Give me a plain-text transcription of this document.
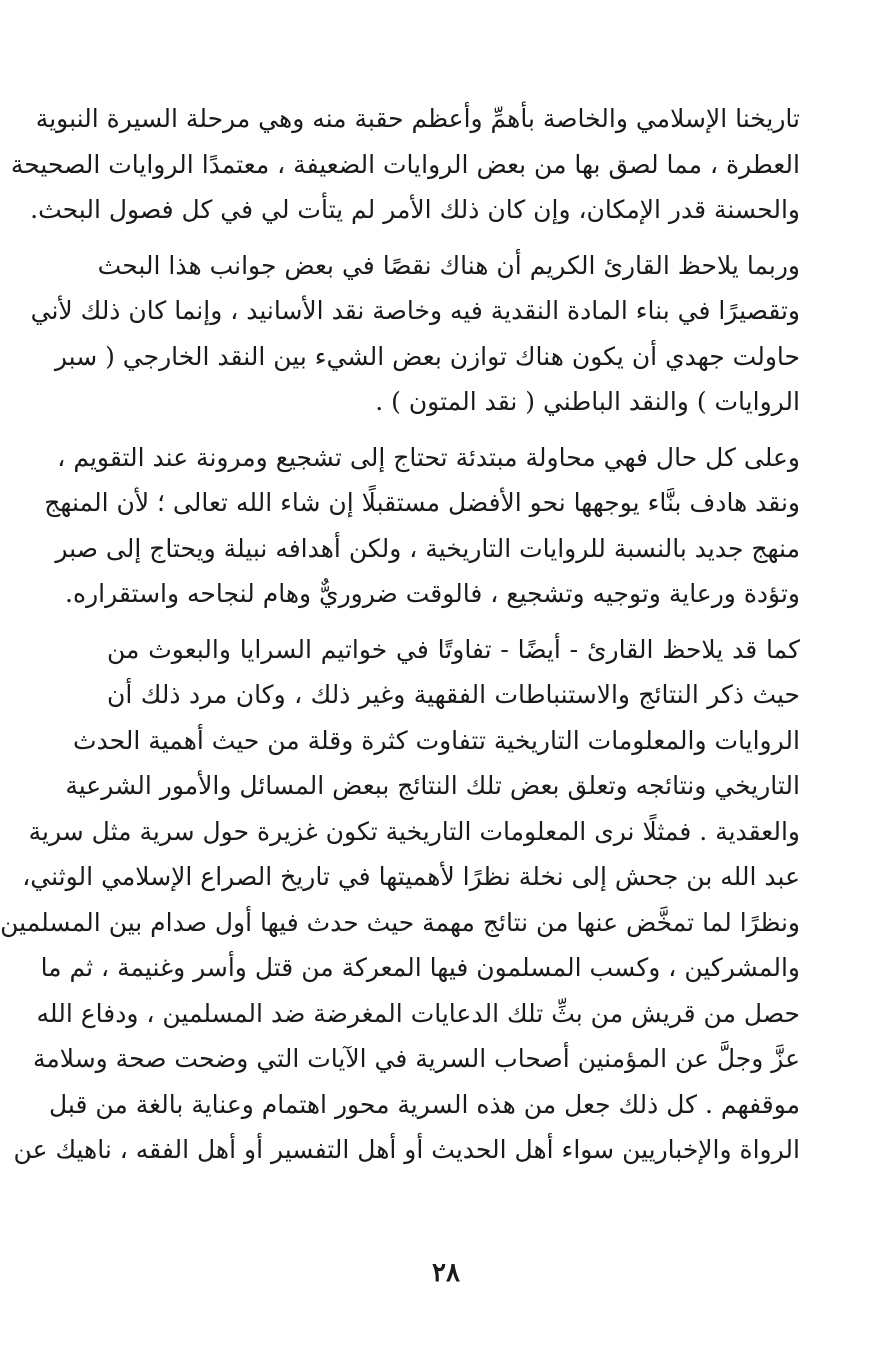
تاريخنا الإسلامي والخاصة بأهمِّ وأعظم حقبة منه وهي مرحلة السيرة النبوية
العطرة ، مما لصق بها من بعض الروايات الضعيفة ، معتمدًا الروايات الصحيحة
والحسنة قدر الإمكان، وإن كان ذلك الأمر لم يتأت لي في كل فصول البحث.
وربما يلاحظ القارئ الكريم أن هناك نقصًا في بعض جوانب هذا البحث
وتقصيرًا في بناء المادة النقدية فيه وخاصة نقد الأسانيد ، وإنما كان ذلك لأني
حاولت جهدي أن يكون هناك توازن بعض الشيء بين النقد الخارجي ( سبر
الروايات ) والنقد الباطني ( نقد المتون ) .
وعلى كل حال فهي محاولة مبتدئة تحتاج إلى تشجيع ومرونة عند التقويم ،
ونقد هادف بنَّاء يوجهها نحو الأفضل مستقبلًا إن شاء الله تعالى ؛ لأن المنهج
منهج جديد بالنسبة للروايات التاريخية ، ولكن أهدافه نبيلة ويحتاج إلى صبر
وتؤدة ورعاية وتوجيه وتشجيع ، فالوقت ضروريٌّ وهام لنجاحه واستقراره.
كما قد يلاحظ القارئ - أيضًا - تفاوتًا في خواتيم السرايا والبعوث من
حيث ذكر النتائج والاستنباطات الفقهية وغير ذلك ، وكان مرد ذلك أن
الروايات والمعلومات التاريخية تتفاوت كثرة وقلة من حيث أهمية الحدث
التاريخي ونتائجه وتعلق بعض تلك النتائج ببعض المسائل والأمور الشرعية
والعقدية . فمثلًا نرى المعلومات التاريخية تكون غزيرة حول سرية مثل سرية
عبد الله بن جحش إلى نخلة نظرًا لأهميتها في تاريخ الصراع الإسلامي الوثني،
ونظرًا لما تمخَّض عنها من نتائج مهمة حيث حدث فيها أول صدام بين المسلمين
والمشركين ، وكسب المسلمون فيها المعركة من قتل وأسر وغنيمة ، ثم ما
حصل من قريش من بثِّ تلك الدعايات المغرضة ضد المسلمين ، ودفاع الله
عزَّ وجلَّ عن المؤمنين أصحاب السرية في الآيات التي وضحت صحة وسلامة
موقفهم . كل ذلك جعل من هذه السرية محور اهتمام وعناية بالغة من قبل
الرواة والإخباريين سواء أهل الحديث أو أهل التفسير أو أهل الفقه ، ناهيك عن
٢٨
